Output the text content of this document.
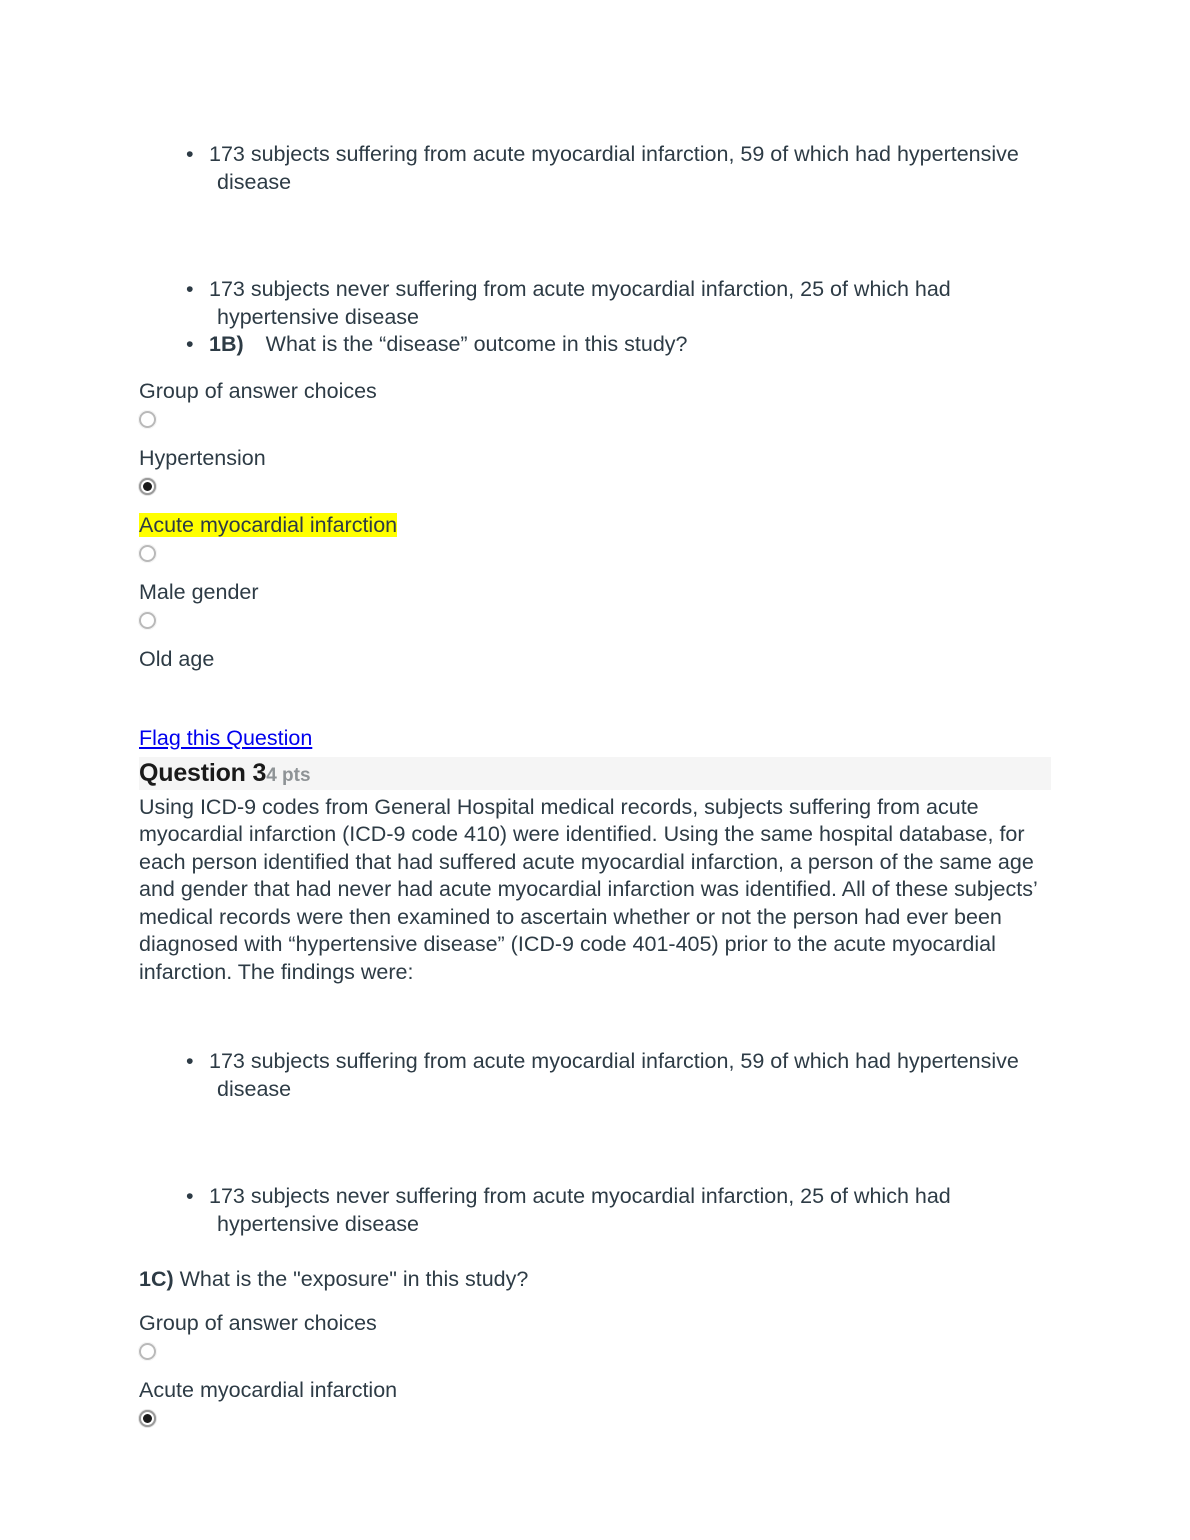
• 173 subjects suffering from acute myocardial infarction, 59 of which had hypertensive disease
• 173 subjects never suffering from acute myocardial infarction, 25 of which had hypertensive disease
• 1B) What is the “disease” outcome in this study?

Group of answer choices

Hypertension

Acute myocardial infarction

Male gender

Old age

Flag this Question
Question 3 4 pts

Using ICD-9 codes from General Hospital medical records, subjects suffering from acute myocardial infarction (ICD-9 code 410) were identified. Using the same hospital database, for each person identified that had suffered acute myocardial infarction, a person of the same age and gender that had never had acute myocardial infarction was identified. All of these subjects’ medical records were then examined to ascertain whether or not the person had ever been diagnosed with “hypertensive disease” (ICD-9 code 401-405) prior to the acute myocardial infarction. The findings were:

• 173 subjects suffering from acute myocardial infarction, 59 of which had hypertensive disease
• 173 subjects never suffering from acute myocardial infarction, 25 of which had hypertensive disease

1C) What is the "exposure" in this study?

Group of answer choices

Acute myocardial infarction
